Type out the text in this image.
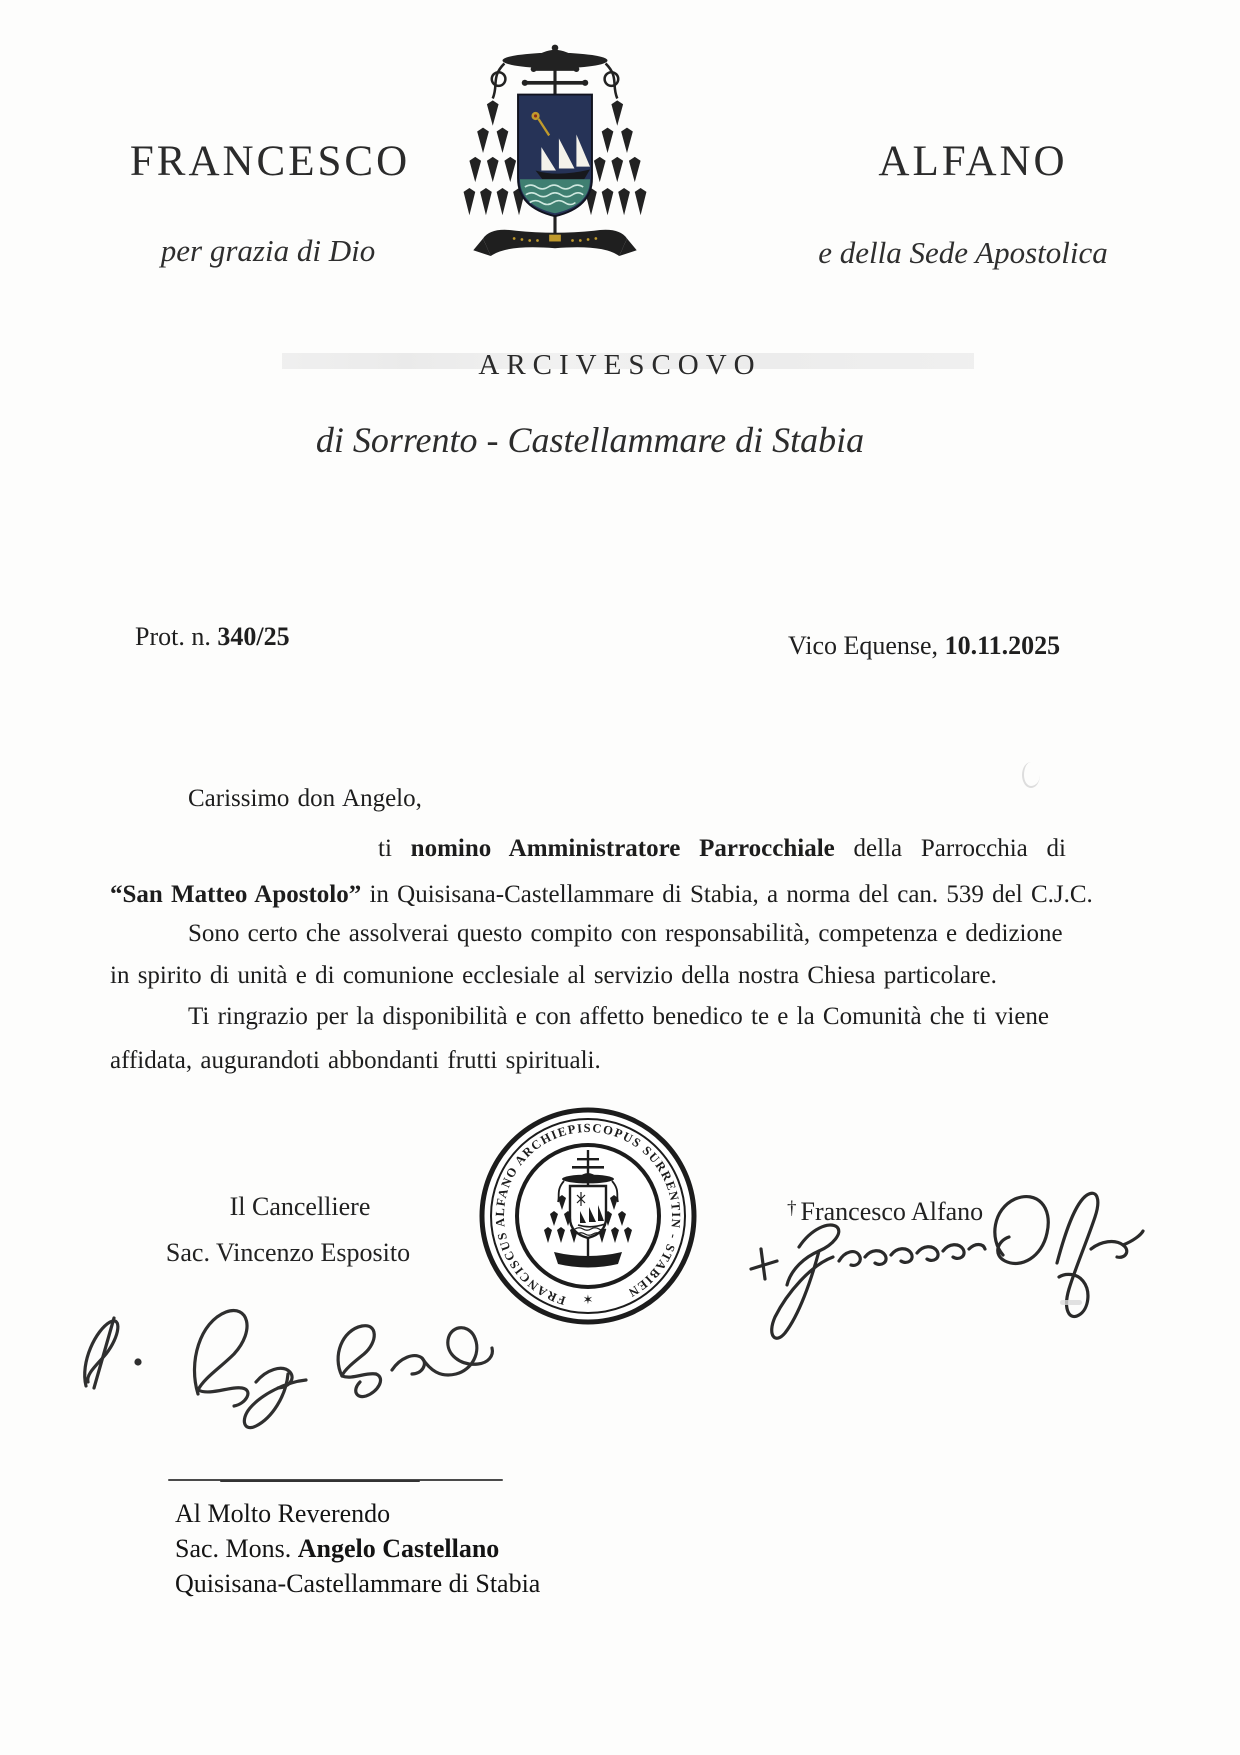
FRANCESCO	ALFANO
per grazia di Dio	e della Sede Apostolica
ARCIVESCOVO
di Sorrento - Castellammare di Stabia
Prot. n. 340/25	Vico Equense, 10.11.2025
Carissimo don Angelo,
ti nomino Amministratore Parrocchiale della Parrocchia di
“San Matteo Apostolo” in Quisisana-Castellammare di Stabia, a norma del can. 539 del C.J.C.
Sono certo che assolverai questo compito con responsabilità, competenza e dedizione
in spirito di unità e di comunione ecclesiale al servizio della nostra Chiesa particolare.
Ti ringrazio per la disponibilità e con affetto benedico te e la Comunità che ti viene
affidata, augurandoti abbondanti frutti spirituali.
FRANCISCUS ALFANO ARCHIEPISCOPUS SURRENTIN - STABIEN
✶
Il Cancelliere
Sac. Vincenzo Esposito
† Francesco Alfano
Al Molto Reverendo
Sac. Mons. Angelo Castellano
Quisisana-Castellammare di Stabia
